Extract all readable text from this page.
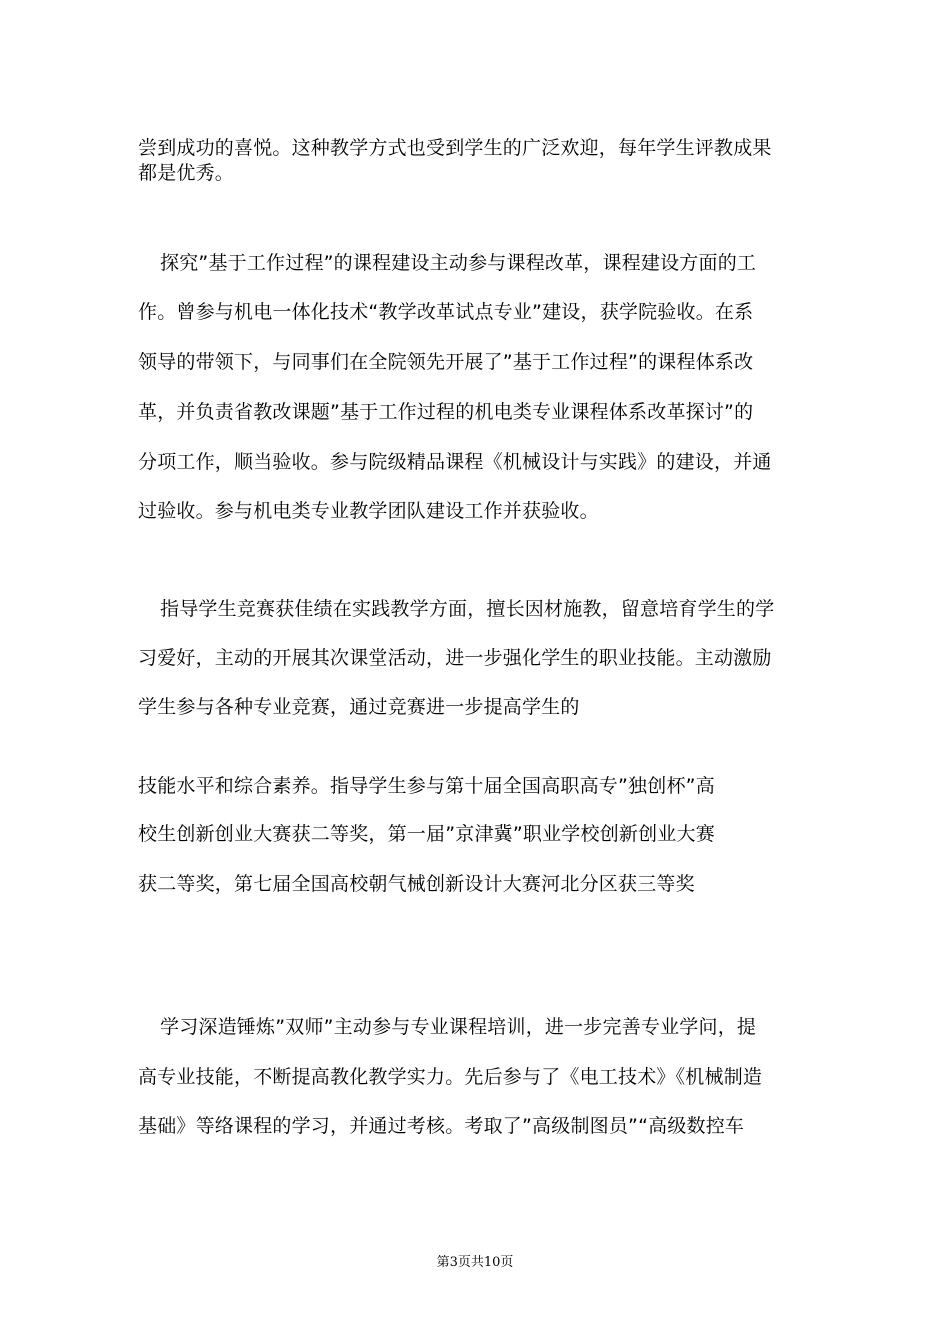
尝到成功的喜悦。这种教学方式也受到学生的广泛欢迎，每年学生评教成果
都是优秀。
探究”基于工作过程”的课程建设主动参与课程改革，课程建设方面的工
作。曾参与机电一体化技术“教学改革试点专业”建设，获学院验收。在系
领导的带领下，与同事们在全院领先开展了”基于工作过程”的课程体系改
革，并负责省教改课题”基于工作过程的机电类专业课程体系改革探讨”的
分项工作，顺当验收。参与院级精品课程《机械设计与实践》的建设，并通
过验收。参与机电类专业教学团队建设工作并获验收。
指导学生竞赛获佳绩在实践教学方面，擅长因材施教，留意培育学生的学
习爱好，主动的开展其次课堂活动，进一步强化学生的职业技能。主动激励
学生参与各种专业竞赛，通过竞赛进一步提高学生的
技能水平和综合素养。指导学生参与第十届全国高职高专”独创杯”高
校生创新创业大赛获二等奖，第一届”京津冀”职业学校创新创业大赛
获二等奖，第七届全国高校朝气械创新设计大赛河北分区获三等奖
学习深造锤炼”双师”主动参与专业课程培训，进一步完善专业学问，提
高专业技能，不断提高教化教学实力。先后参与了《电工技术》《机械制造
基础》等络课程的学习，并通过考核。考取了”高级制图员”“高级数控车
第3页共10页
